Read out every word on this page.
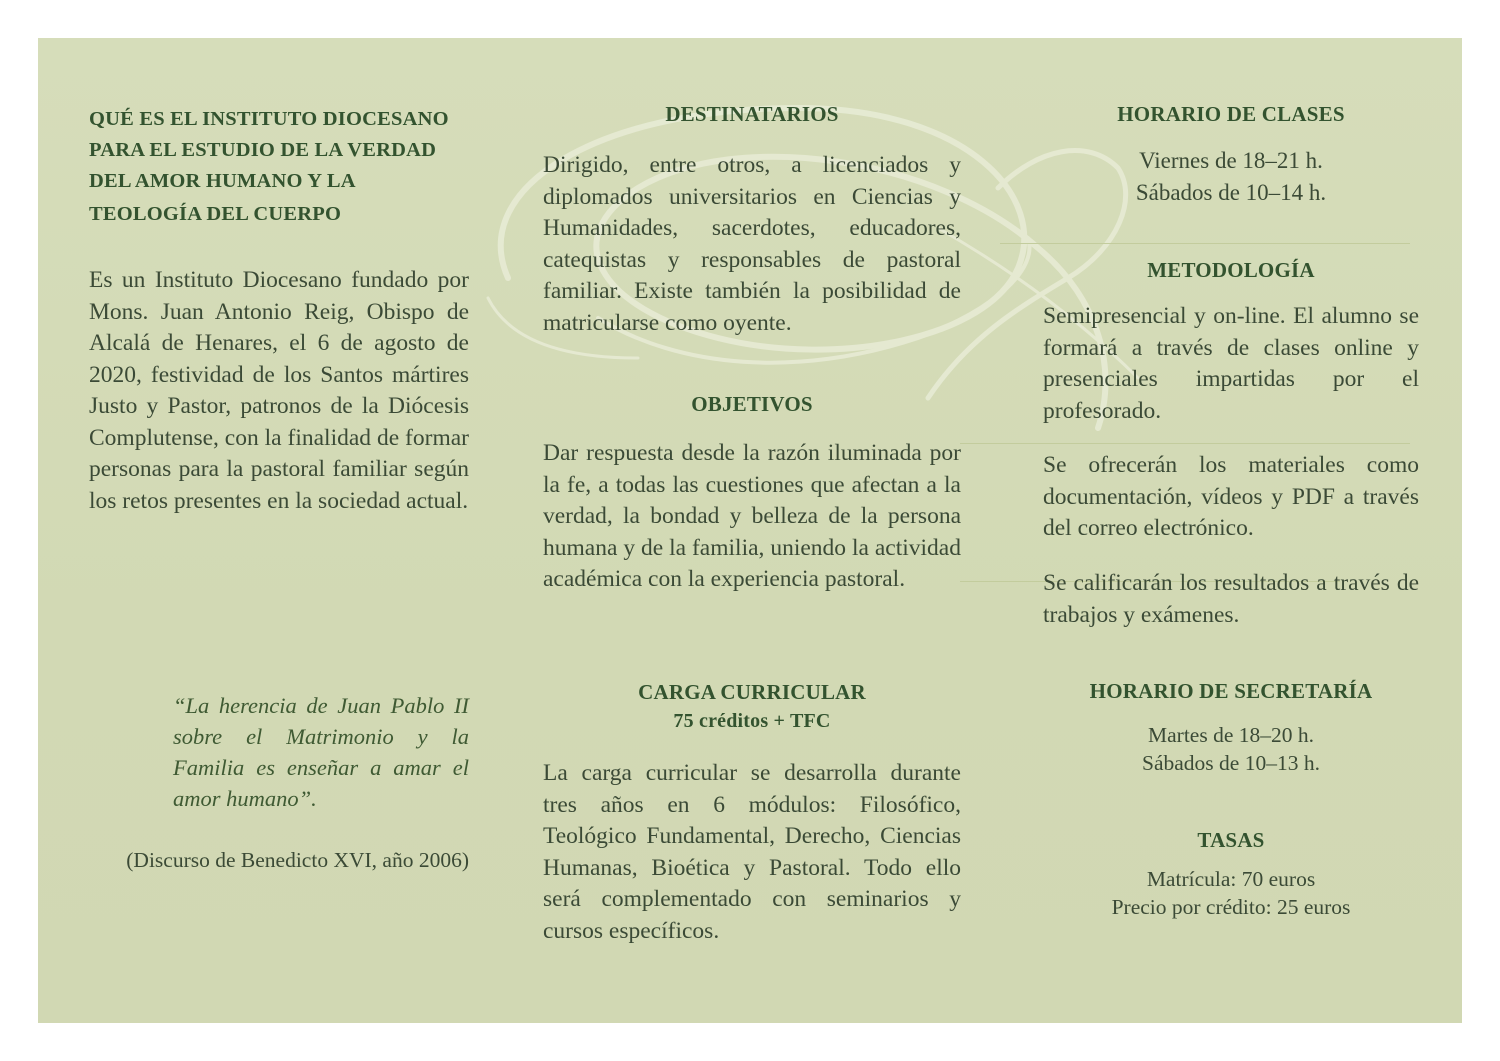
QUÉ ES EL INSTITUTO DIOCESANO
PARA EL ESTUDIO DE LA VERDAD
DEL AMOR HUMANO Y LA
TEOLOGÍA DEL CUERPO
Es un Instituto Diocesano fundado por Mons. Juan Antonio Reig, Obispo de Alcalá de Henares, el 6 de agosto de 2020, festividad de los Santos mártires Justo y Pastor, patronos de la Diócesis Complutense, con la finalidad de formar personas para la pastoral familiar según los retos presentes en la sociedad actual.
“La herencia de Juan Pablo II sobre el Matrimonio y la Familia es enseñar a amar el amor humano”.
(Discurso de Benedicto XVI, año 2006)
DESTINATARIOS
Dirigido, entre otros, a licenciados y diplomados universitarios en Ciencias y Humanidades, sacerdotes, educadores, catequistas y responsables de pastoral familiar. Existe también la posibilidad de matricularse como oyente.
OBJETIVOS
Dar respuesta desde la razón iluminada por la fe, a todas las cuestiones que afectan a la verdad, la bondad y belleza de la persona humana y de la familia, uniendo la actividad académica con la experiencia pastoral.
CARGA CURRICULAR
75 créditos + TFC
La carga curricular se desarrolla durante tres años en 6 módulos: Filosófico, Teológico Fundamental, Derecho, Ciencias Humanas, Bioética y Pastoral. Todo ello será complementado con seminarios y cursos específicos.
HORARIO DE CLASES
Viernes de 18–21 h.
Sábados de 10–14 h.
METODOLOGÍA
Semipresencial y on-line. El alumno se formará a través de clases online y presenciales impartidas por el profesorado.
Se ofrecerán los materiales como documentación, vídeos y PDF a través del correo electrónico.
Se calificarán los resultados a través de trabajos y exámenes.
HORARIO DE SECRETARÍA
Martes de 18–20 h.
Sábados de 10–13 h.
TASAS
Matrícula: 70 euros
Precio por crédito: 25 euros
